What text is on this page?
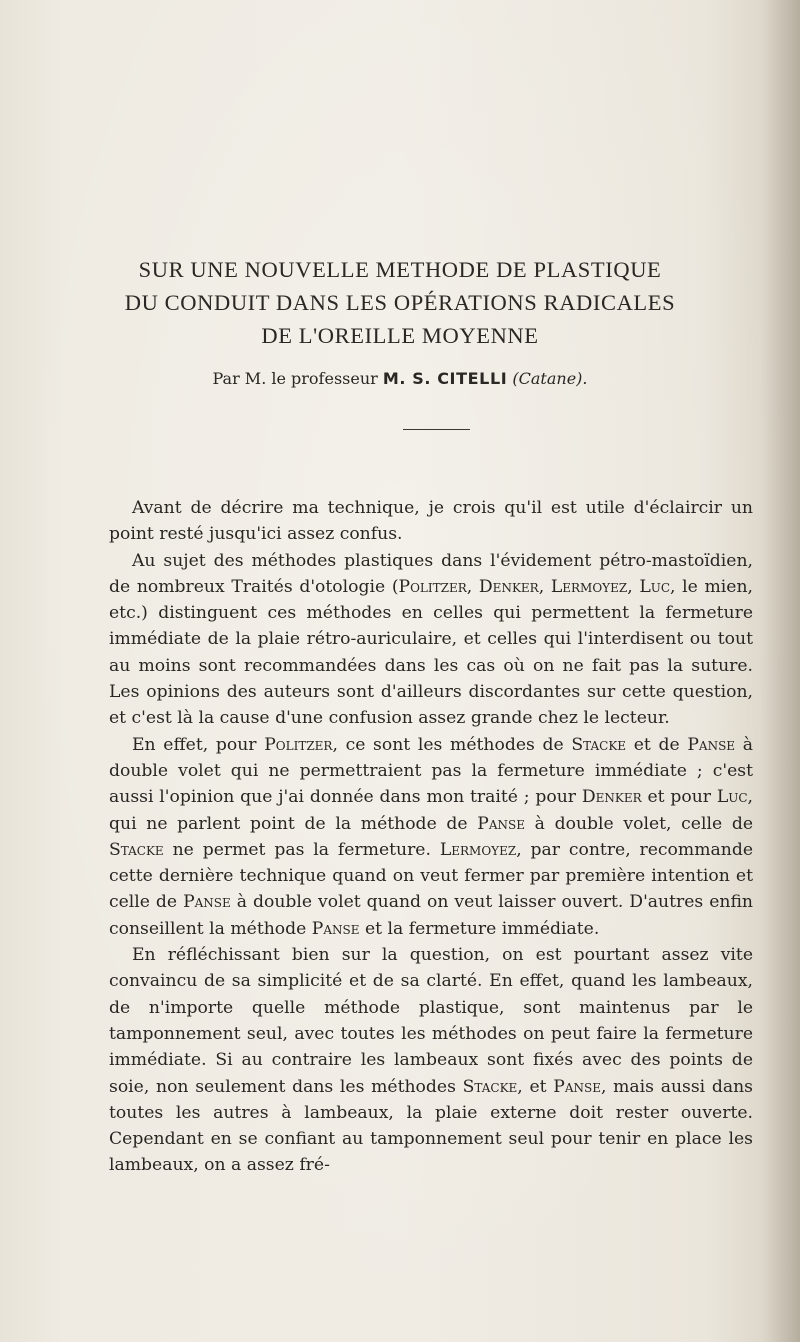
SUR UNE NOUVELLE METHODE DE PLASTIQUE
DU CONDUIT DANS LES OPÉRATIONS RADICALES
DE L'OREILLE MOYENNE
Par M. le professeur M. S. CITELLI (Catane).

Avant de décrire ma technique, je crois qu'il est utile d'éclaircir un point resté jusqu'ici assez confus.

Au sujet des méthodes plastiques dans l'évidement pétro-mastoïdien, de nombreux Traités d'otologie (Politzer, Denker, Lermoyez, Luc, le mien, etc.) distinguent ces méthodes en celles qui permettent la fermeture immédiate de la plaie rétro-auriculaire, et celles qui l'interdisent ou tout au moins sont recommandées dans les cas où on ne fait pas la suture. Les opinions des auteurs sont d'ailleurs discordantes sur cette question, et c'est là la cause d'une confusion assez grande chez le lecteur.

En effet, pour Politzer, ce sont les méthodes de Stacke et de Panse à double volet qui ne permettraient pas la fermeture immédiate ; c'est aussi l'opinion que j'ai donnée dans mon traité ; pour Denker et pour Luc, qui ne parlent point de la méthode de Panse à double volet, celle de Stacke ne permet pas la fermeture. Lermoyez, par contre, recommande cette dernière technique quand on veut fermer par première intention et celle de Panse à double volet quand on veut laisser ouvert. D'autres enfin conseillent la méthode Panse et la fermeture immédiate.

En réfléchissant bien sur la question, on est pourtant assez vite convaincu de sa simplicité et de sa clarté. En effet, quand les lambeaux, de n'importe quelle méthode plastique, sont maintenus par le tamponnement seul, avec toutes les méthodes on peut faire la fermeture immédiate. Si au contraire les lambeaux sont fixés avec des points de soie, non seulement dans les méthodes Stacke, et Panse, mais aussi dans toutes les autres à lambeaux, la plaie externe doit rester ouverte. Cependant en se confiant au tamponnement seul pour tenir en place les lambeaux, on a assez fré-
